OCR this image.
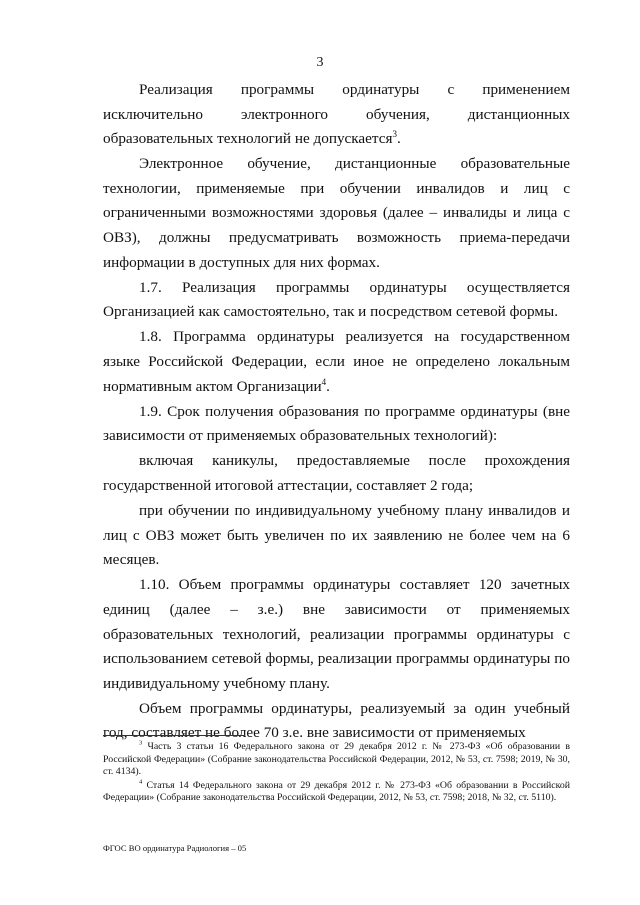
3

Реализация программы ординатуры с применением исключительно электронного обучения, дистанционных образовательных технологий не допускается$^3$.

Электронное обучение, дистанционные образовательные технологии, применяемые при обучении инвалидов и лиц с ограниченными возможностями здоровья (далее – инвалиды и лица с ОВЗ), должны предусматривать возможность приема-передачи информации в доступных для них формах.

1.7. Реализация программы ординатуры осуществляется Организацией как самостоятельно, так и посредством сетевой формы.

1.8. Программа ординатуры реализуется на государственном языке Российской Федерации, если иное не определено локальным нормативным актом Организации$^4$.

1.9. Срок получения образования по программе ординатуры (вне зависимости от применяемых образовательных технологий):

включая каникулы, предоставляемые после прохождения государственной итоговой аттестации, составляет 2 года;

при обучении по индивидуальному учебному плану инвалидов и лиц с ОВЗ может быть увеличен по их заявлению не более чем на 6 месяцев.

1.10. Объем программы ординатуры составляет 120 зачетных единиц (далее – з.е.) вне зависимости от применяемых образовательных технологий, реализации программы ординатуры с использованием сетевой формы, реализации программы ординатуры по индивидуальному учебному плану.

Объем программы ординатуры, реализуемый за один учебный год, составляет не более 70 з.е. вне зависимости от применяемых

$^3$ Часть 3 статьи 16 Федерального закона от 29 декабря 2012 г. № 273-ФЗ «Об образовании в Российской Федерации» (Собрание законодательства Российской Федерации, 2012, № 53, ст. 7598; 2019, № 30, ст. 4134).

$^4$ Статья 14 Федерального закона от 29 декабря 2012 г. № 273-ФЗ «Об образовании в Российской Федерации» (Собрание законодательства Российской Федерации, 2012, № 53, ст. 7598; 2018, № 32, ст. 5110).

ФГОС ВО ординатура Радиология – 05
